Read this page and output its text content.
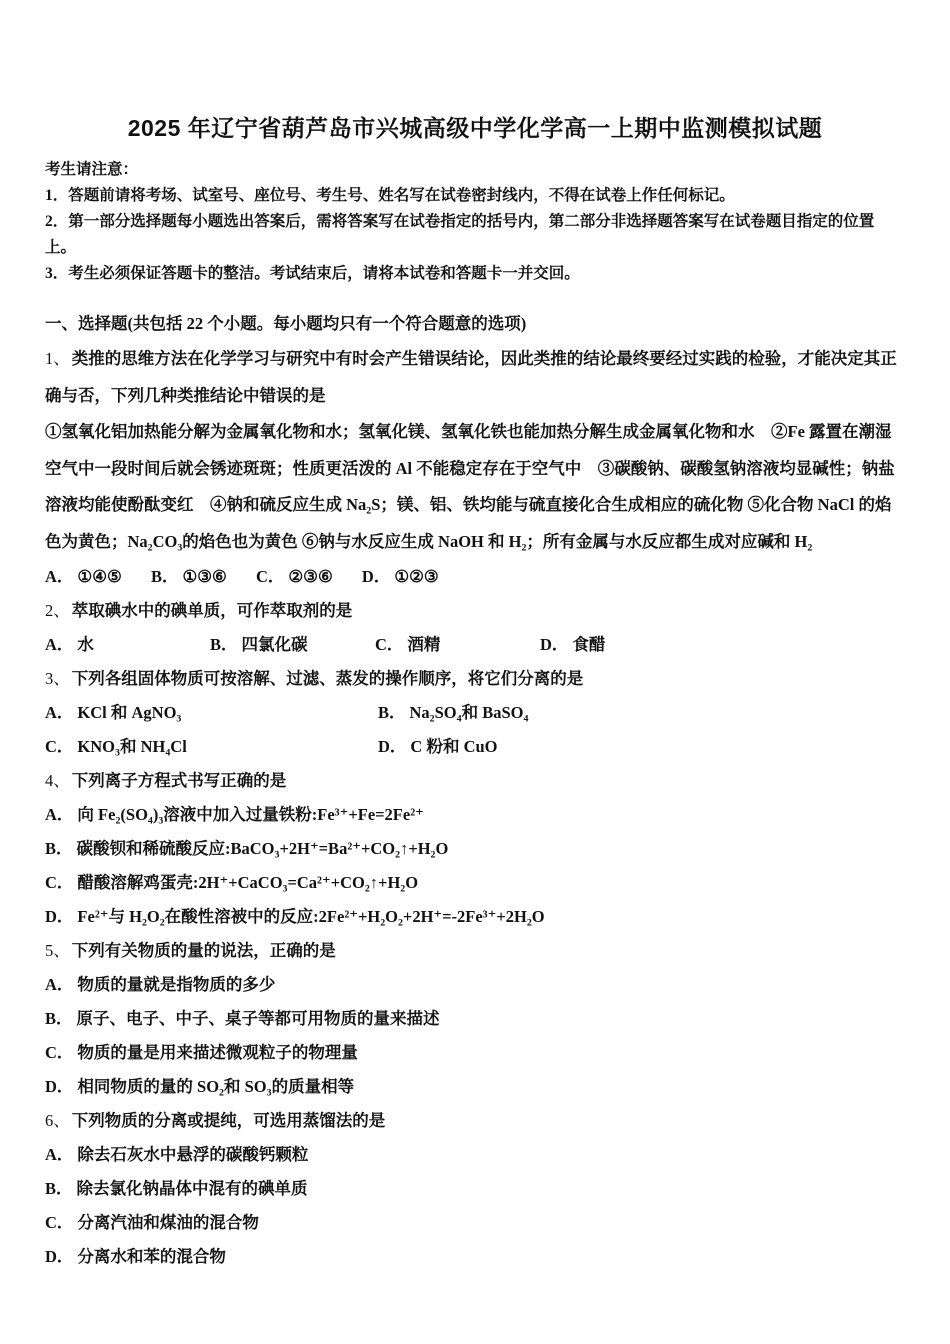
2025 年辽宁省葫芦岛市兴城高级中学化学高一上期中监测模拟试题
考生请注意：

1．答题前请将考场、试室号、座位号、考生号、姓名写在试卷密封线内，不得在试卷上作任何标记。

2．第一部分选择题每小题选出答案后，需将答案写在试卷指定的括号内，第二部分非选择题答案写在试卷题目指定的位置上。

3．考生必须保证答题卡的整洁。考试结束后，请将本试卷和答题卡一并交回。

一、选择题(共包括 22 个小题。每小题均只有一个符合题意的选项)
1、 类推的思维方法在化学学习与研究中有时会产生错误结论，因此类推的结论最终要经过实践的检验，才能决定其正确与否，下列几种类推结论中错误的是
①氢氧化铝加热能分解为金属氧化物和水；氢氧化镁、氢氧化铁也能加热分解生成金属氧化物和水　②Fe 露置在潮湿空气中一段时间后就会锈迹斑斑；性质更活泼的 Al 不能稳定存在于空气中　③碳酸钠、碳酸氢钠溶液均显碱性；钠盐溶液均能使酚酞变红　④钠和硫反应生成 Na₂S；镁、铝、铁均能与硫直接化合生成相应的硫化物 ⑤化合物 NaCl 的焰色为黄色；Na₂CO₃的焰色也为黄色 ⑥钠与水反应生成 NaOH 和 H₂；所有金属与水反应都生成对应碱和 H₂
A． ①④⑤ B． ①③⑥ C． ②③⑥ D． ①②③
2、 萃取碘水中的碘单质，可作萃取剂的是
A． 水	B． 四氯化碳	C． 酒精	D． 食醋
3、 下列各组固体物质可按溶解、过滤、蒸发的操作顺序，将它们分离的是
A． KCl 和 AgNO₃	B． Na₂SO₄和 BaSO₄
C． KNO₃和 NH₄Cl	D． C 粉和 CuO
4、 下列离子方程式书写正确的是
A． 向 Fe₂(SO₄)₃溶液中加入过量铁粉:Fe³⁺+Fe=2Fe²⁺
B． 碳酸钡和稀硫酸反应:BaCO₃+2H⁺=Ba²⁺+CO₂↑+H₂O
C． 醋酸溶解鸡蛋壳:2H⁺+CaCO₃=Ca²⁺+CO₂↑+H₂O
D． Fe²⁺与 H₂O₂在酸性溶被中的反应:2Fe²⁺+H₂O₂+2H⁺=-2Fe³⁺+2H₂O
5、 下列有关物质的量的说法，正确的是
A． 物质的量就是指物质的多少
B． 原子、电子、中子、桌子等都可用物质的量来描述
C． 物质的量是用来描述微观粒子的物理量
D． 相同物质的量的 SO₂和 SO₃的质量相等
6、 下列物质的分离或提纯，可选用蒸馏法的是
A． 除去石灰水中悬浮的碳酸钙颗粒
B． 除去氯化钠晶体中混有的碘单质
C． 分离汽油和煤油的混合物
D． 分离水和苯的混合物
